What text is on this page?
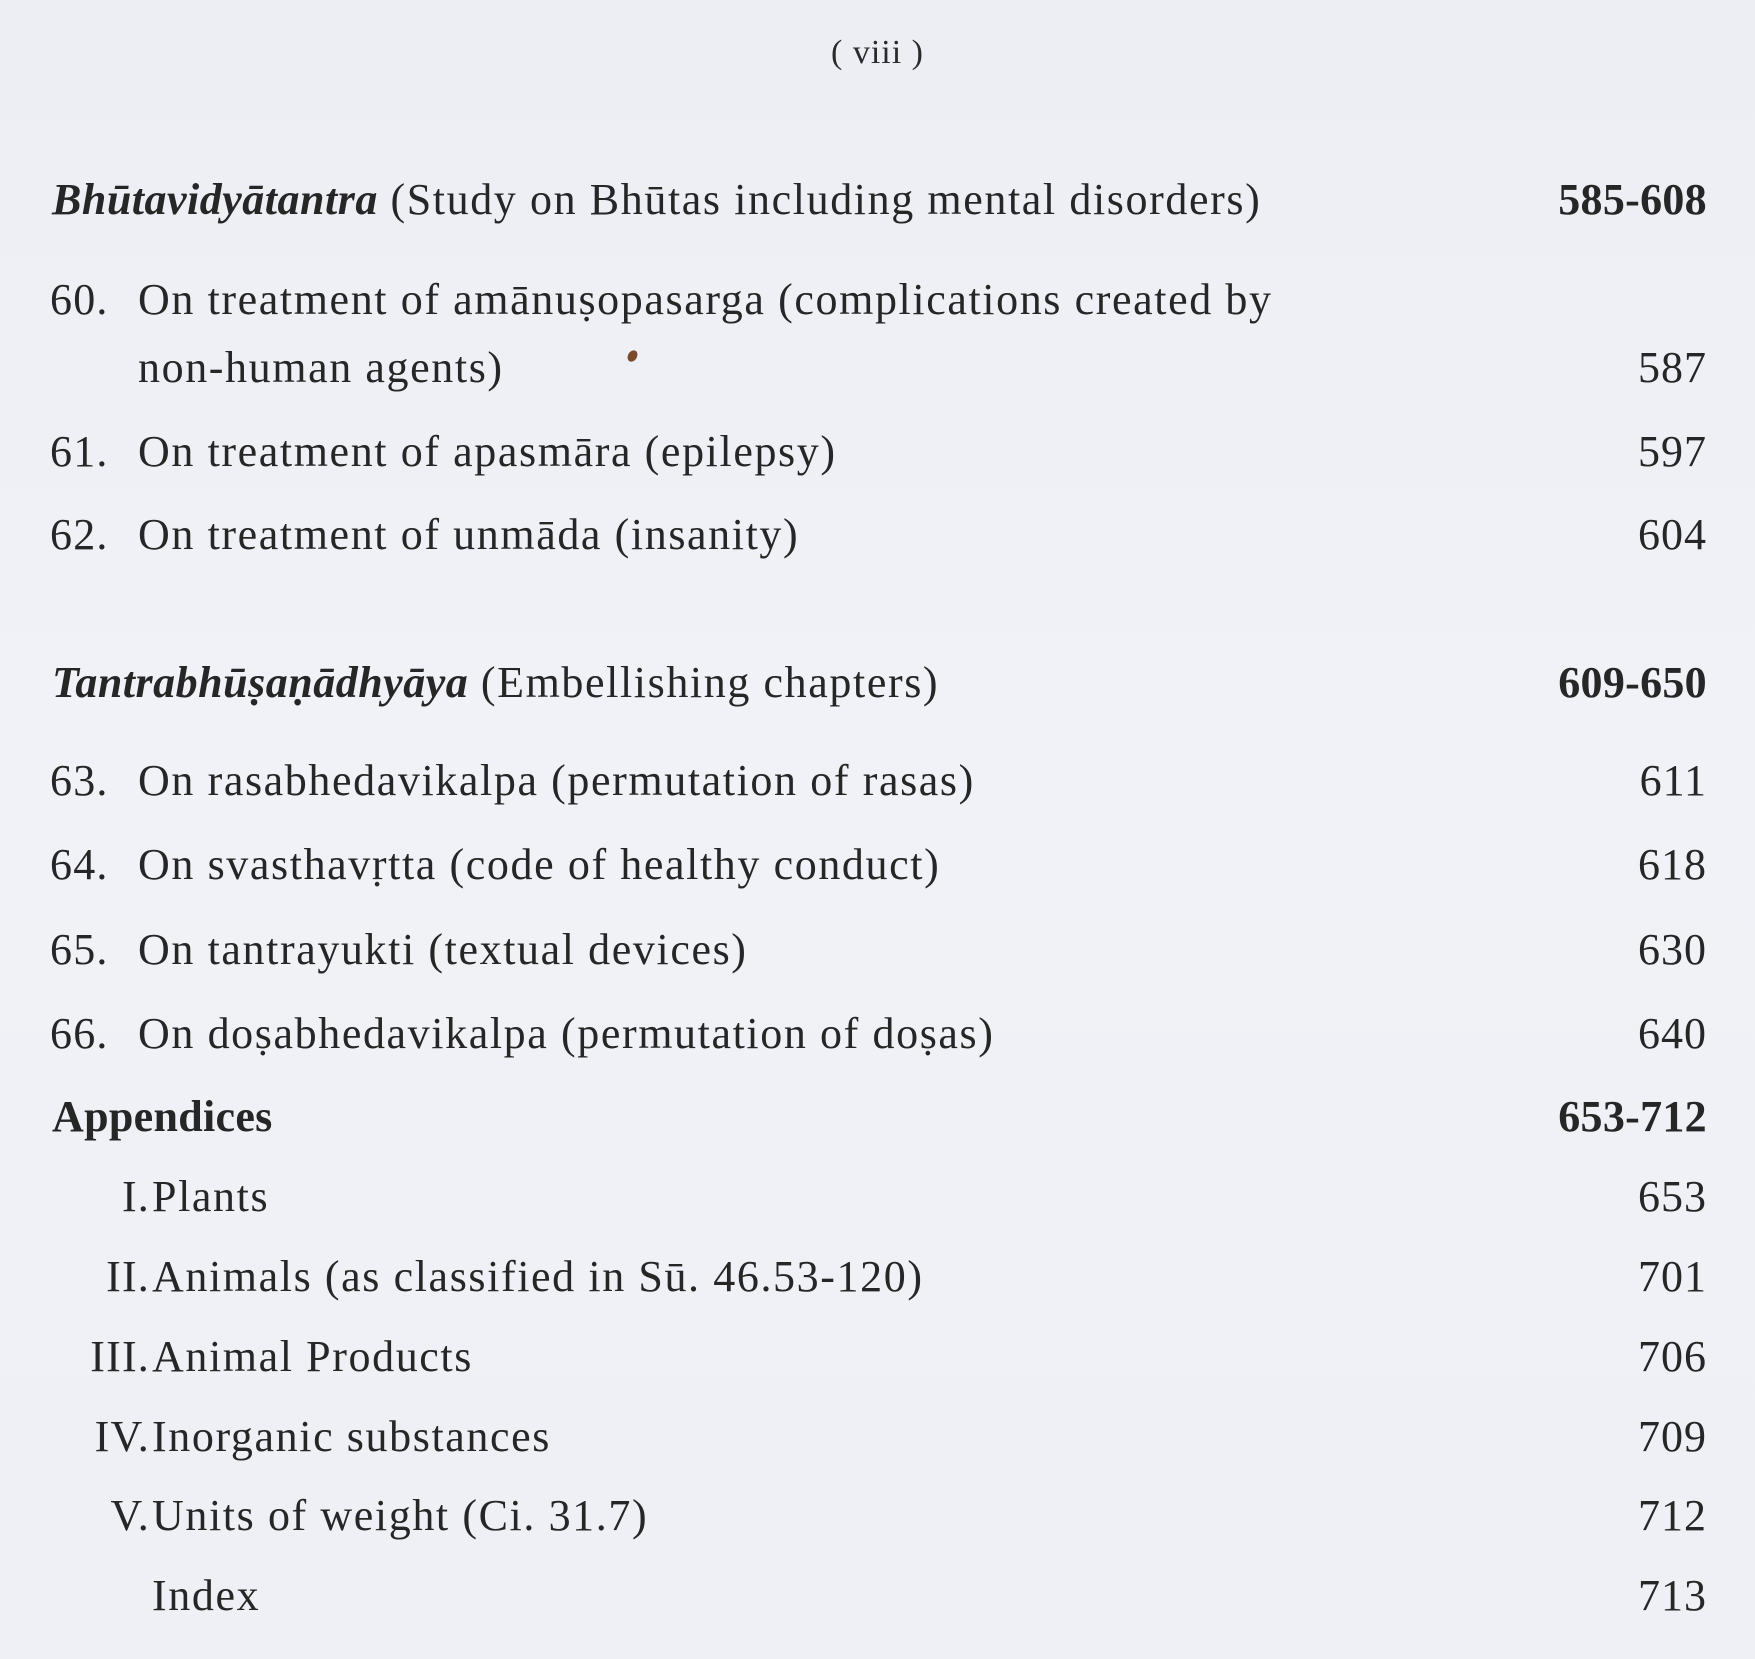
( viii )
Bhūtavidyātantra (Study on Bhūtas including mental disorders)	585-608
60. On treatment of amānuṣopasarga (complications created by
non-human agents)	587
61. On treatment of apasmāra (epilepsy)	597
62. On treatment of unmāda (insanity)	604
Tantrabhūṣaṇādhyāya (Embellishing chapters)	609-650
63. On rasabhedavikalpa (permutation of rasas)	611
64. On svasthavṛtta (code of healthy conduct)	618
65. On tantrayukti (textual devices)	630
66. On doṣabhedavikalpa (permutation of doṣas)	640
Appendices	653-712
I. Plants	653
II. Animals (as classified in Sū. 46.53-120)	701
III. Animal Products	706
IV. Inorganic substances	709
V. Units of weight (Ci. 31.7)	712
Index	713
